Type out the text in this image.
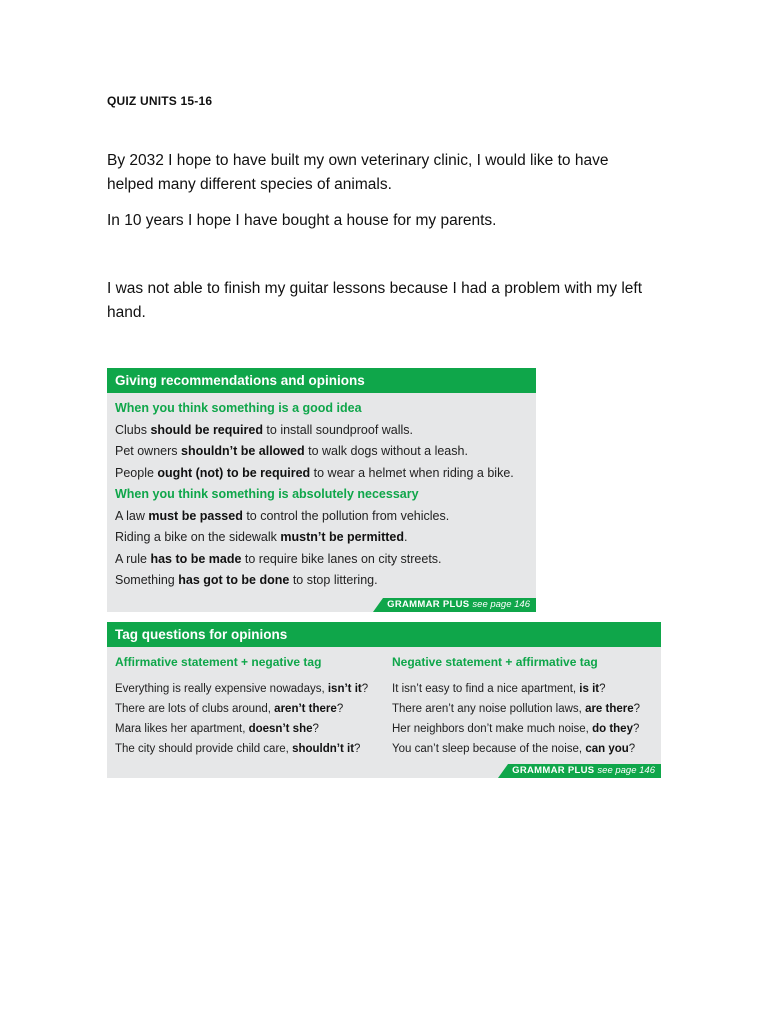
QUIZ UNITS 15-16
By 2032 I hope to have built my own veterinary clinic, I would like to have helped many different species of animals.
In 10 years I hope I have bought a house for my parents.
I was not able to finish my guitar lessons because I had a problem with my left hand.
Giving recommendations and opinions
When you think something is a good idea
Clubs should be required to install soundproof walls.
Pet owners shouldn’t be allowed to walk dogs without a leash.
People ought (not) to be required to wear a helmet when riding a bike.
When you think something is absolutely necessary
A law must be passed to control the pollution from vehicles.
Riding a bike on the sidewalk mustn’t be permitted.
A rule has to be made to require bike lanes on city streets.
Something has got to be done to stop littering.
GRAMMAR PLUS see page 146
Tag questions for opinions
Affirmative statement + negative tag
Everything is really expensive nowadays, isn’t it?
There are lots of clubs around, aren’t there?
Mara likes her apartment, doesn’t she?
The city should provide child care, shouldn’t it?
Negative statement + affirmative tag
It isn’t easy to find a nice apartment, is it?
There aren’t any noise pollution laws, are there?
Her neighbors don’t make much noise, do they?
You can’t sleep because of the noise, can you?
GRAMMAR PLUS see page 146
